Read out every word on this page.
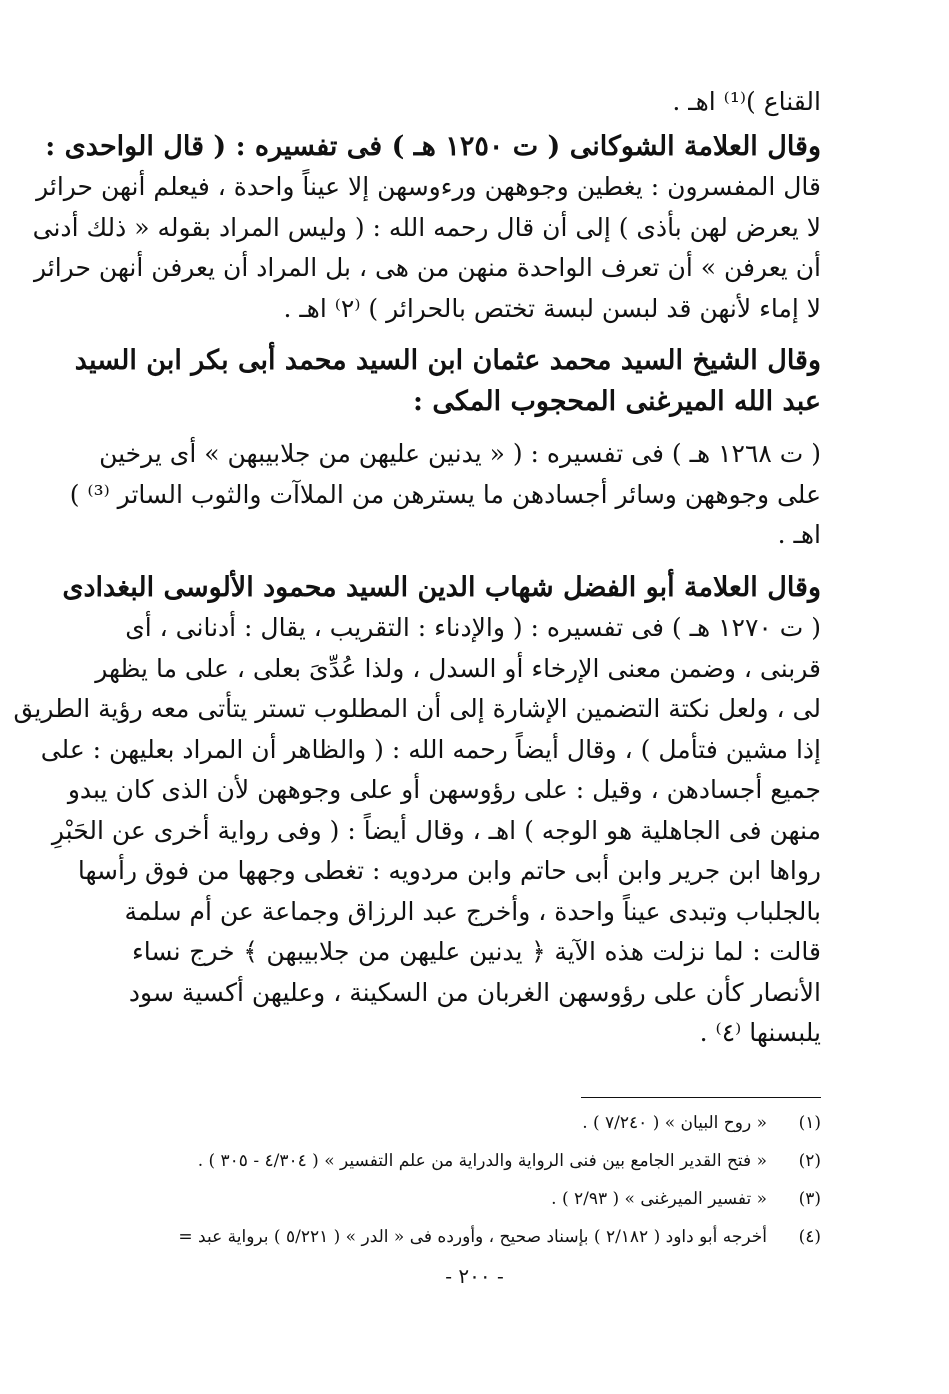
القناع )⁽¹⁾ اهـ .
وقال العلامة الشوكانى ( ت ١٢٥٠ هـ ) فى تفسيره : ( قال الواحدى :
قال المفسرون : يغطين وجوههن ورءوسهن إلا عيناً واحدة ، فيعلم أنهن حرائر
لا يعرض لهن بأذى ) إلى أن قال رحمه الله : ( وليس المراد بقوله « ذلك أدنى
أن يعرفن » أن تعرف الواحدة منهن من هى ، بل المراد أن يعرفن أنهن حرائر
لا إماء لأنهن قد لبسن لبسة تختص بالحرائر ) ⁽٢⁾ اهـ .
وقال الشيخ السيد محمد عثمان ابن السيد محمد أبى بكر ابن السيد
عبد الله الميرغنى المحجوب المكى :
( ت ١٢٦٨ هـ ) فى تفسيره : ( « يدنين عليهن من جلابيبهن » أى يرخين
على وجوههن وسائر أجسادهن ما يسترهن من الملاآت والثوب الساتر ⁽³⁾ )
اهـ .
وقال العلامة أبو الفضل شهاب الدين السيد محمود الألوسى البغدادى
( ت ١٢٧٠ هـ ) فى تفسيره : ( والإدناء : التقريب ، يقال : أدنانى ، أى
قربنى ، وضمن معنى الإرخاء أو السدل ، ولذا عُدِّىَ بعلى ، على ما يظهر
لى ، ولعل نكتة التضمين الإشارة إلى أن المطلوب تستر يتأتى معه رؤية الطريق
إذا مشين فتأمل ) ، وقال أيضاً رحمه الله : ( والظاهر أن المراد بعليهن : على
جميع أجسادهن ، وقيل : على رؤوسهن أو على وجوههن لأن الذى كان يبدو
منهن فى الجاهلية هو الوجه ) اهـ ، وقال أيضاً : ( وفى رواية أخرى عن الحَبْرِ
رواها ابن جرير وابن أبى حاتم وابن مردويه : تغطى وجهها من فوق رأسها
بالجلباب وتبدى عيناً واحدة ، وأخرج عبد الرزاق وجماعة عن أم سلمة
قالت : لما نزلت هذه الآية ﴿ يدنين عليهن من جلابيبهن ﴾ خرج نساء
الأنصار كأن على رؤوسهن الغربان من السكينة ، وعليهن أكسية سود
يلبسنها ⁽٤⁾ .
(١)
« روح البيان » ( ٧/٢٤٠ ) .
(٢)
« فتح القدير الجامع بين فنى الرواية والدراية من علم التفسير » ( ٤/٣٠٤ - ٣٠٥ ) .
(٣)
« تفسير الميرغنى » ( ٢/٩٣ ) .
(٤)
أخرجه أبو داود ( ٢/١٨٢ ) بإسناد صحيح ، وأورده فى « الدر » ( ٥/٢٢١ ) برواية عبد =
- ٢٠٠ -
